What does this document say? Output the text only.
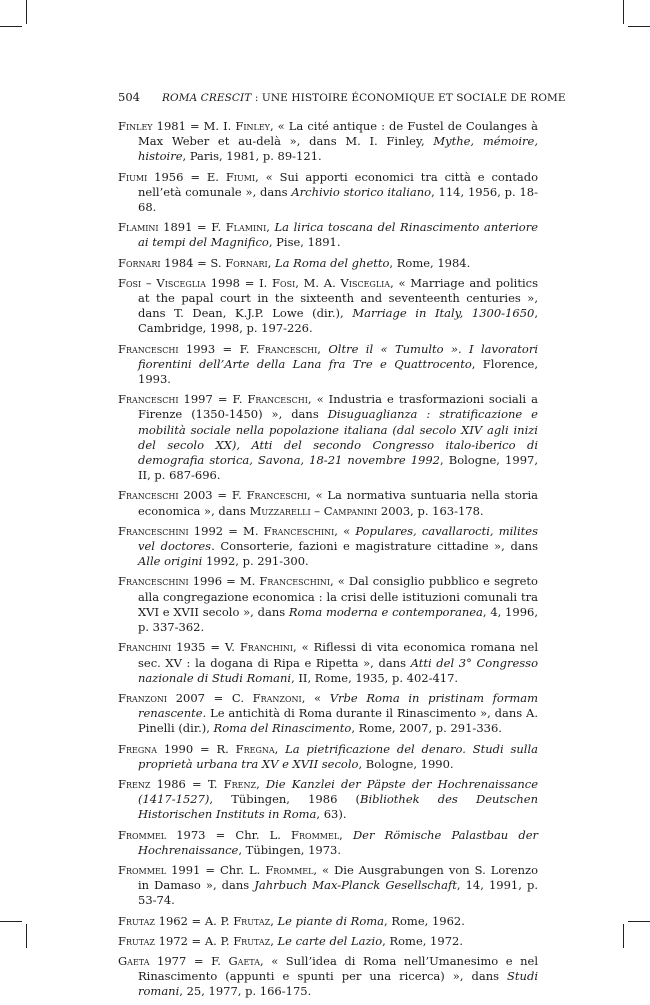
504 ROMA CRESCIT : UNE HISTOIRE ÉCONOMIQUE ET SOCIALE DE ROME

Finley 1981 = M. I. Finley, « La cité antique : de Fustel de Coulanges à Max Weber et au-delà », dans M. I. Finley, Mythe, mémoire, histoire, Paris, 1981, p. 89-121.

Fiumi 1956 = E. Fiumi, « Sui apporti economici tra città e contado nell’età comunale », dans Archivio storico italiano, 114, 1956, p. 18-68.

Flamini 1891 = F. Flamini, La lirica toscana del Rinascimento anteriore ai tempi del Magnifico, Pise, 1891.

Fornari 1984 = S. Fornari, La Roma del ghetto, Rome, 1984.

Fosi – Visceglia 1998 = I. Fosi, M. A. Visceglia, « Marriage and politics at the papal court in the sixteenth and seventeenth centuries », dans T. Dean, K.J.P. Lowe (dir.), Marriage in Italy, 1300-1650, Cambridge, 1998, p. 197-226.

Franceschi 1993 = F. Franceschi, Oltre il « Tumulto ». I lavoratori fiorentini dell’Arte della Lana fra Tre e Quattrocento, Florence, 1993.

Franceschi 1997 = F. Franceschi, « Industria e trasformazioni sociali a Firenze (1350-1450) », dans Disuguaglianza : stratificazione e mobilità sociale nella popolazione italiana (dal secolo XIV agli inizi del secolo XX), Atti del secondo Congresso italo-iberico di demografia storica, Savona, 18-21 novembre 1992, Bologne, 1997, II, p. 687-696.

Franceschi 2003 = F. Franceschi, « La normativa suntuaria nella storia economica », dans Muzzarelli – Campanini 2003, p. 163-178.

Franceschini 1992 = M. Franceschini, « Populares, cavallarocti, milites vel doctores. Consorterie, fazioni e magistrature cittadine », dans Alle origini 1992, p. 291-300.

Franceschini 1996 = M. Franceschini, « Dal consiglio pubblico e segreto alla congregazione economica : la crisi delle istituzioni comunali tra XVI e XVII secolo », dans Roma moderna e contemporanea, 4, 1996, p. 337-362.

Franchini 1935 = V. Franchini, « Riflessi di vita economica romana nel sec. XV : la dogana di Ripa e Ripetta », dans Atti del 3° Congresso nazionale di Studi Romani, II, Rome, 1935, p. 402-417.

Franzoni 2007 = C. Franzoni, « Vrbe Roma in pristinam formam renascente. Le antichità di Roma durante il Rinascimento », dans A. Pinelli (dir.), Roma del Rinascimento, Rome, 2007, p. 291-336.

Fregna 1990 = R. Fregna, La pietrificazione del denaro. Studi sulla proprietà urbana tra XV e XVII secolo, Bologne, 1990.

Frenz 1986 = T. Frenz, Die Kanzlei der Päpste der Hochrenaissance (1417-1527), Tübingen, 1986 (Bibliothek des Deutschen Historischen Instituts in Roma, 63).

Frommel 1973 = Chr. L. Frommel, Der Römische Palastbau der Hochrenaissance, Tübingen, 1973.

Frommel 1991 = Chr. L. Frommel, « Die Ausgrabungen von S. Lorenzo in Damaso », dans Jahrbuch Max-Planck Gesellschaft, 14, 1991, p. 53-74.

Frutaz 1962 = A. P. Frutaz, Le piante di Roma, Rome, 1962.

Frutaz 1972 = A. P. Frutaz, Le carte del Lazio, Rome, 1972.

Gaeta 1977 = F. Gaeta, « Sull’idea di Roma nell’Umanesimo e nel Rinascimento (appunti e spunti per una ricerca) », dans Studi romani, 25, 1977, p. 166-175.
